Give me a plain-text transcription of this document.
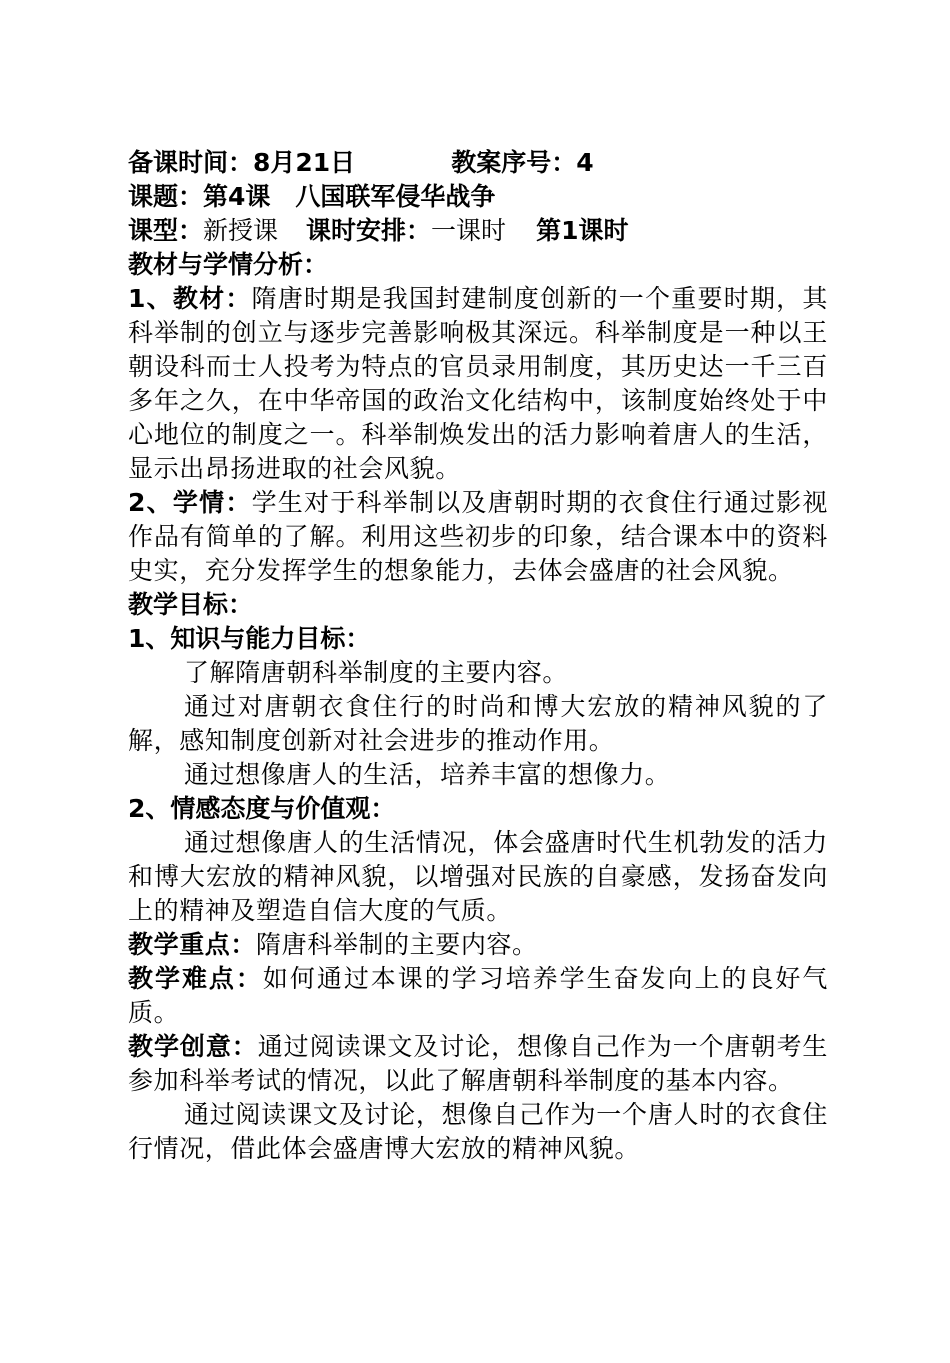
备课时间：8月21日	教案序号：4
课题：第4课　八国联军侵华战争
课型：新授课 课时安排：一课时 第1课时
教材与学情分析：
1、教材：隋唐时期是我国封建制度创新的一个重要时期，其科举制的创立与逐步完善影响极其深远。科举制度是一种以王朝设科而士人投考为特点的官员录用制度，其历史达一千三百多年之久，在中华帝国的政治文化结构中，该制度始终处于中心地位的制度之一。科举制焕发出的活力影响着唐人的生活，显示出昂扬进取的社会风貌。
2、学情：学生对于科举制以及唐朝时期的衣食住行通过影视作品有简单的了解。利用这些初步的印象，结合课本中的资料史实，充分发挥学生的想象能力，去体会盛唐的社会风貌。
教学目标：
1、知识与能力目标：
了解隋唐朝科举制度的主要内容。
通过对唐朝衣食住行的时尚和博大宏放的精神风貌的了解，感知制度创新对社会进步的推动作用。
通过想像唐人的生活，培养丰富的想像力。
2、情感态度与价值观：
通过想像唐人的生活情况，体会盛唐时代生机勃发的活力和博大宏放的精神风貌，以增强对民族的自豪感，发扬奋发向上的精神及塑造自信大度的气质。
教学重点：隋唐科举制的主要内容。
教学难点：如何通过本课的学习培养学生奋发向上的良好气质。
教学创意：通过阅读课文及讨论，想像自己作为一个唐朝考生参加科举考试的情况，以此了解唐朝科举制度的基本内容。
通过阅读课文及讨论，想像自己作为一个唐人时的衣食住行情况，借此体会盛唐博大宏放的精神风貌。
